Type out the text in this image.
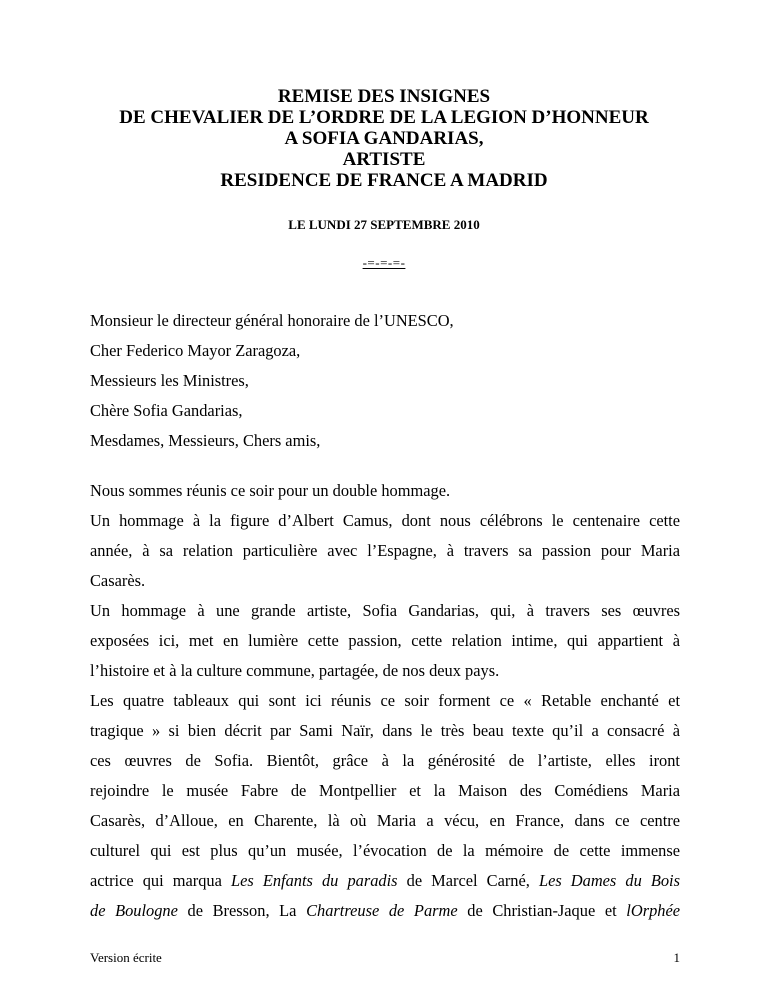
REMISE DES INSIGNES
DE CHEVALIER DE L’ORDRE DE LA LEGION D’HONNEUR
A SOFIA GANDARIAS,
ARTISTE
RESIDENCE DE FRANCE A MADRID
LE LUNDI 27 SEPTEMBRE 2010
-=-=-=-
Monsieur le directeur général honoraire de l’UNESCO,
Cher Federico Mayor Zaragoza,
Messieurs les Ministres,
Chère Sofia Gandarias,
Mesdames, Messieurs, Chers amis,
Nous sommes réunis ce soir pour un double hommage.
Un hommage à la figure d’Albert Camus, dont nous célébrons le centenaire cette
année, à sa relation particulière avec l’Espagne, à travers sa passion pour Maria
Casarès.
Un hommage à une grande artiste, Sofia Gandarias, qui, à travers ses œuvres
exposées ici, met en lumière cette passion, cette relation intime, qui appartient à
l’histoire et à la culture commune, partagée, de nos deux pays.
Les quatre tableaux qui sont ici réunis ce soir forment ce « Retable enchanté et
tragique » si bien décrit par Sami Naïr, dans le très beau texte qu’il a consacré à
ces œuvres de Sofia. Bientôt, grâce à la générosité de l’artiste, elles iront
rejoindre le musée Fabre de Montpellier et la Maison des Comédiens Maria
Casarès, d’Alloue, en Charente, là où Maria a vécu, en France, dans ce centre
culturel qui est plus qu’un musée, l’évocation de la mémoire de cette immense
actrice qui marqua Les Enfants du paradis de Marcel Carné, Les Dames du Bois
de Boulogne de Bresson, La Chartreuse de Parme de Christian-Jaque et lOrphée
Version écrite	1
